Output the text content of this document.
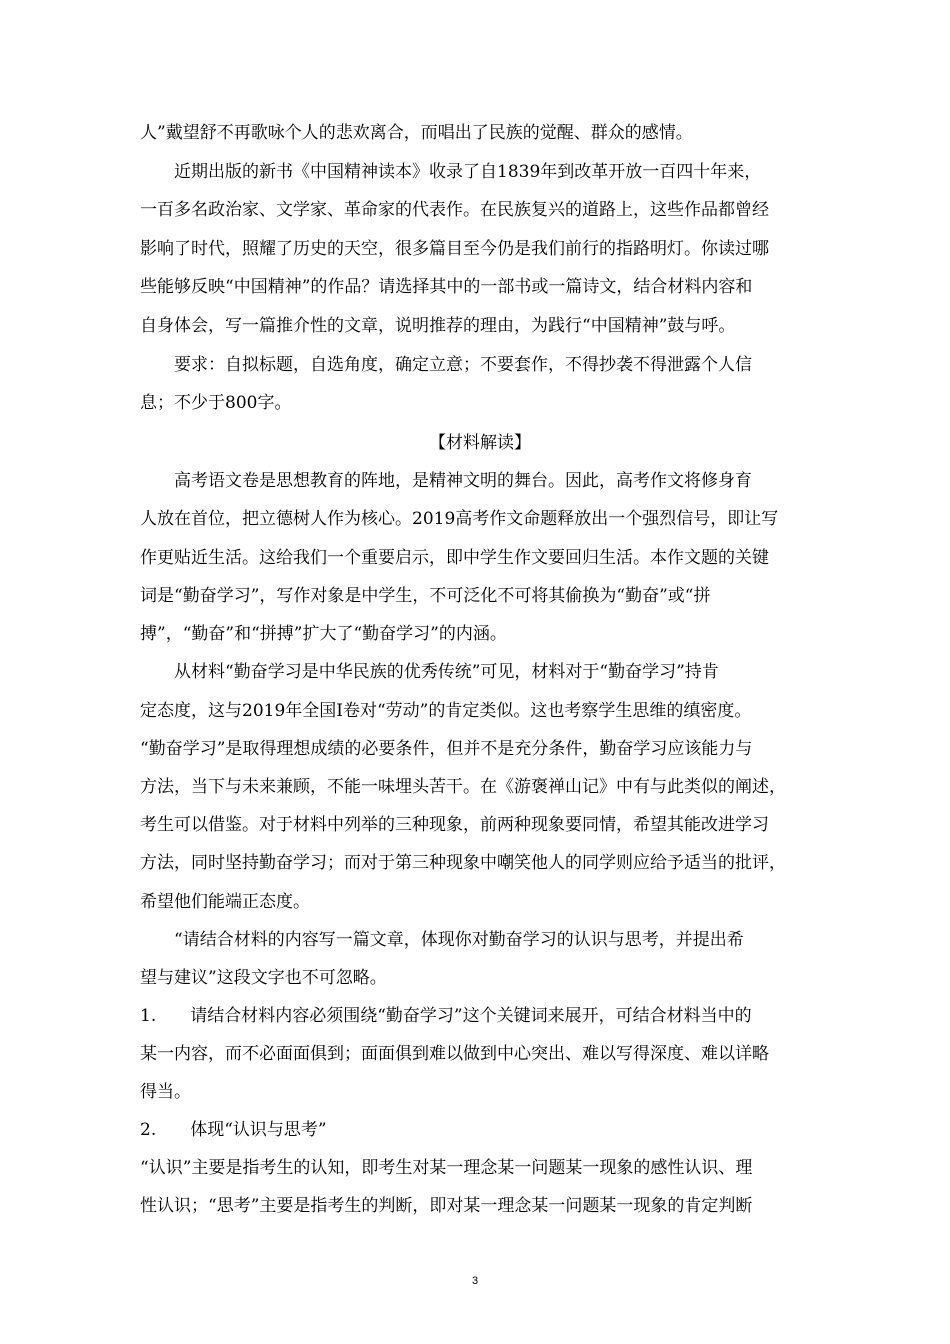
人”戴望舒不再歌咏个人的悲欢离合，而唱出了民族的觉醒、群众的感情。

　　近期出版的新书《中国精神读本》收录了自1839年到改革开放一百四十年来，

一百多名政治家、文学家、革命家的代表作。在民族复兴的道路上，这些作品都曾经

影响了时代，照耀了历史的天空，很多篇目至今仍是我们前行的指路明灯。你读过哪

些能够反映“中国精神”的作品？请选择其中的一部书或一篇诗文，结合材料内容和

自身体会，写一篇推介性的文章，说明推荐的理由，为践行“中国精神”鼓与呼。

　　要求：自拟标题，自选角度，确定立意；不要套作，不得抄袭不得泄露个人信

息；不少于800字。

【材料解读】

　　高考语文卷是思想教育的阵地，是精神文明的舞台。因此，高考作文将修身育

人放在首位，把立德树人作为核心。2019高考作文命题释放出一个强烈信号，即让写

作更贴近生活。这给我们一个重要启示，即中学生作文要回归生活。本作文题的关键

词是“勤奋学习”，写作对象是中学生，不可泛化不可将其偷换为“勤奋”或“拼

搏”，“勤奋”和“拼搏”扩大了“勤奋学习”的内涵。

　　从材料“勤奋学习是中华民族的优秀传统”可见，材料对于“勤奋学习”持肯

定态度，这与2019年全国Ⅰ卷对“劳动”的肯定类似。这也考察学生思维的缜密度。

“勤奋学习”是取得理想成绩的必要条件，但并不是充分条件，勤奋学习应该能力与

方法，当下与未来兼顾，不能一味埋头苦干。在《游褒禅山记》中有与此类似的阐述，

考生可以借鉴。对于材料中列举的三种现象，前两种现象要同情，希望其能改进学习

方法，同时坚持勤奋学习；而对于第三种现象中嘲笑他人的同学则应给予适当的批评，

希望他们能端正态度。

　　“请结合材料的内容写一篇文章，体现你对勤奋学习的认识与思考，并提出希

望与建议”这段文字也不可忽略。

1.　　请结合材料内容必须围绕“勤奋学习”这个关键词来展开，可结合材料当中的

某一内容，而不必面面俱到；面面俱到难以做到中心突出、难以写得深度、难以详略

得当。

2.　　体现“认识与思考”

“认识”主要是指考生的认知，即考生对某一理念某一问题某一现象的感性认识、理

性认识；“思考”主要是指考生的判断，即对某一理念某一问题某一现象的肯定判断

3
